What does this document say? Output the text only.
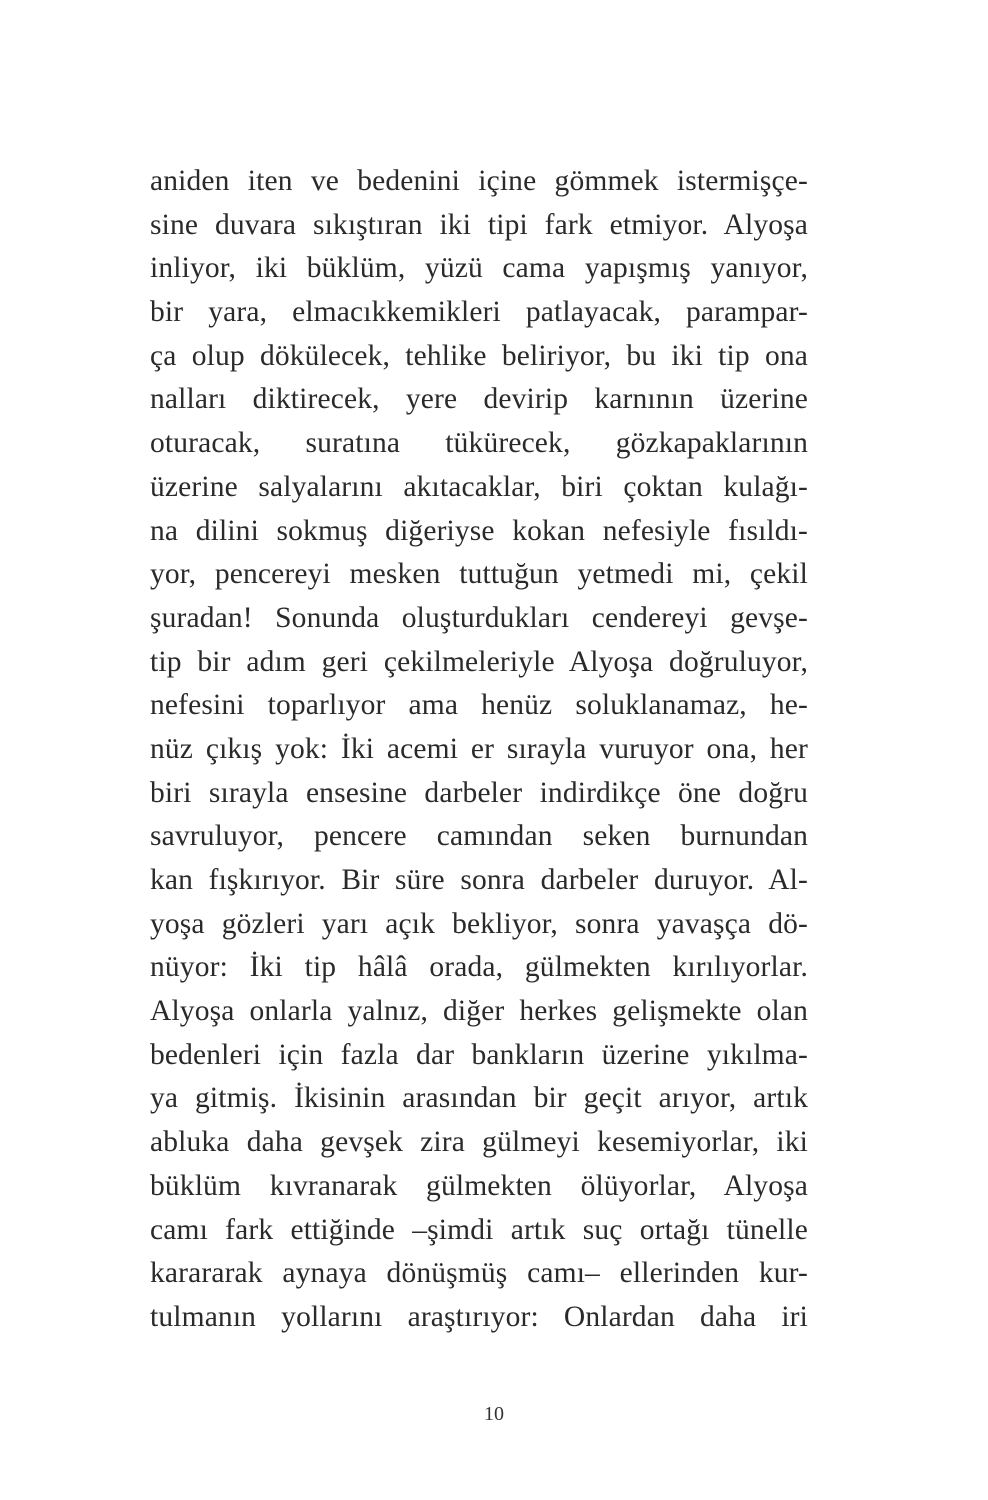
aniden iten ve bedenini içine gömmek istermişçe-
sine duvara sıkıştıran iki tipi fark etmiyor. Alyoşa
inliyor, iki büklüm, yüzü cama yapışmış yanıyor,
bir yara, elmacıkkemikleri patlayacak, parampar-
ça olup dökülecek, tehlike beliriyor, bu iki tip ona
nalları diktirecek, yere devirip karnının üzerine
oturacak, suratına tükürecek, gözkapaklarının
üzerine salyalarını akıtacaklar, biri çoktan kulağı-
na dilini sokmuş diğeriyse kokan nefesiyle fısıldı-
yor, pencereyi mesken tuttuğun yetmedi mi, çekil
şuradan! Sonunda oluşturdukları cendereyi gevşe-
tip bir adım geri çekilmeleriyle Alyoşa doğruluyor,
nefesini toparlıyor ama henüz soluklanamaz, he-
nüz çıkış yok: İki acemi er sırayla vuruyor ona, her
biri sırayla ensesine darbeler indirdikçe öne doğru
savruluyor, pencere camından seken burnundan
kan fışkırıyor. Bir süre sonra darbeler duruyor. Al-
yoşa gözleri yarı açık bekliyor, sonra yavaşça dö-
nüyor: İki tip hâlâ orada, gülmekten kırılıyorlar.
Alyoşa onlarla yalnız, diğer herkes gelişmekte olan
bedenleri için fazla dar bankların üzerine yıkılma-
ya gitmiş. İkisinin arasından bir geçit arıyor, artık
abluka daha gevşek zira gülmeyi kesemiyorlar, iki
büklüm kıvranarak gülmekten ölüyorlar, Alyoşa
camı fark ettiğinde –şimdi artık suç ortağı tünelle
karararak aynaya dönüşmüş camı– ellerinden kur-
tulmanın yollarını araştırıyor: Onlardan daha iri
10
